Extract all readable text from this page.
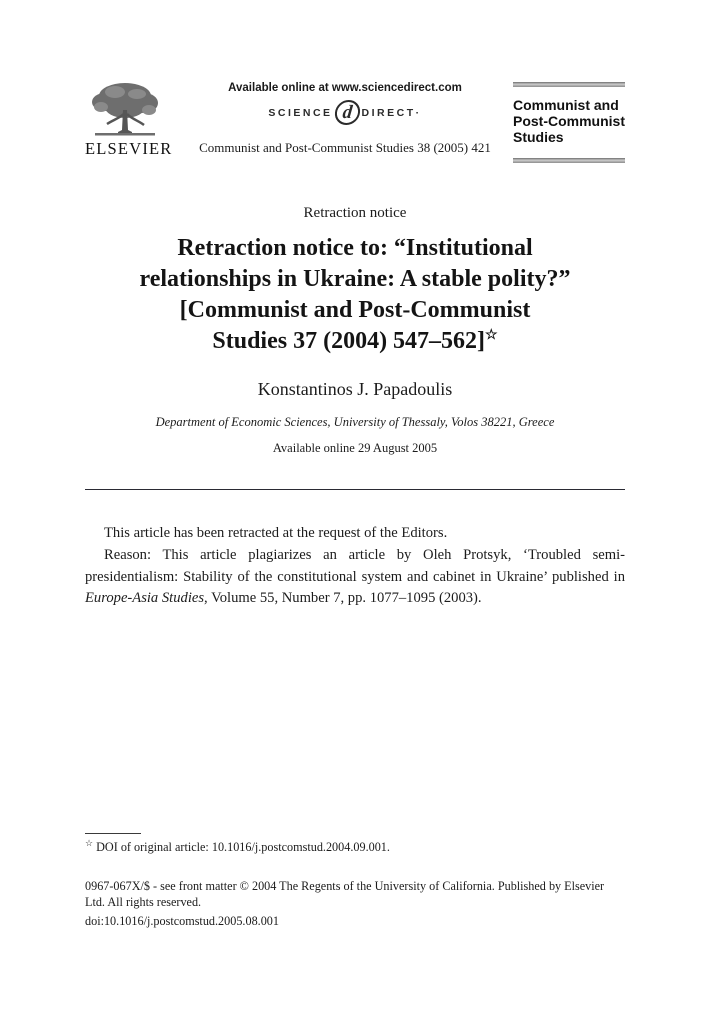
ELSEVIER
Available online at www.sciencedirect.com
SCIENCE d DIRECT ·
Communist and Post-Communist Studies 38 (2005) 421
Communist and
Post-Communist
Studies
Retraction notice
Retraction notice to: “Institutional
relationships in Ukraine: A stable polity?”
[Communist and Post-Communist
Studies 37 (2004) 547–562]☆
Konstantinos J. Papadoulis
Department of Economic Sciences, University of Thessaly, Volos 38221, Greece
Available online 29 August 2005

This article has been retracted at the request of the Editors.

Reason: This article plagiarizes an article by Oleh Protsyk, ‘Troubled semi-presidentialism: Stability of the constitutional system and cabinet in Ukraine’ published in Europe-Asia Studies, Volume 55, Number 7, pp. 1077–1095 (2003).

☆ DOI of original article: 10.1016/j.postcomstud.2004.09.001.
0967-067X/$ - see front matter © 2004 The Regents of the University of California. Published by Elsevier Ltd. All rights reserved.
doi:10.1016/j.postcomstud.2005.08.001
